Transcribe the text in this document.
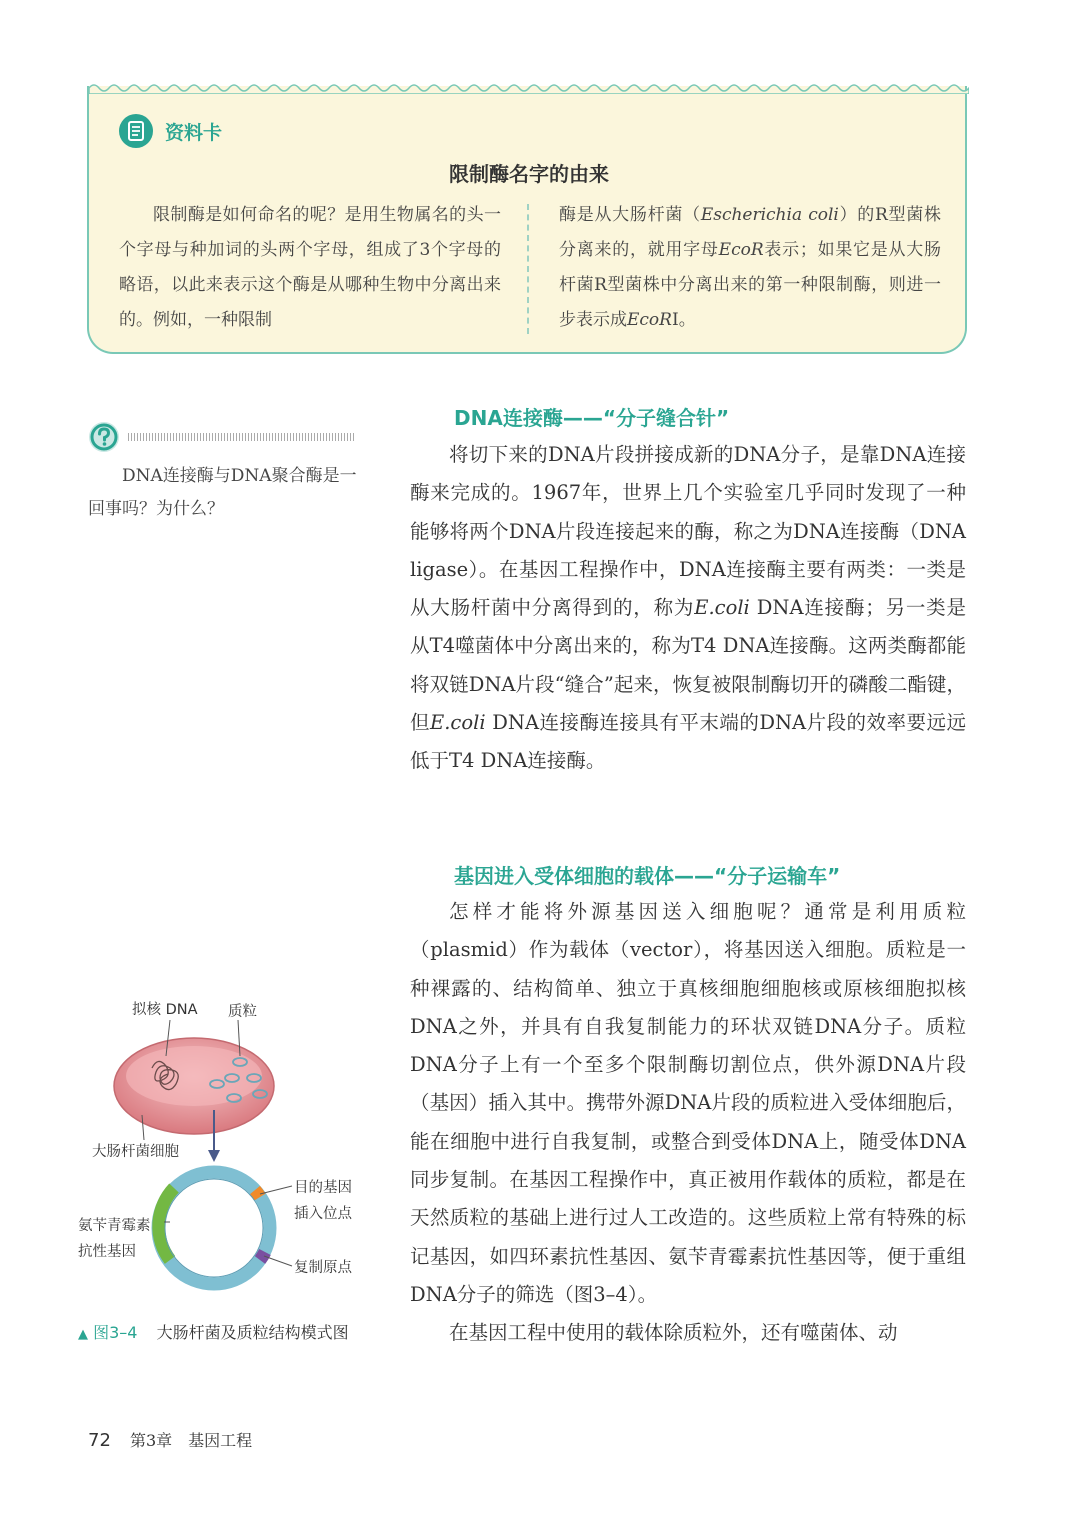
资料卡
限制酶名字的由来

限制酶是如何命名的呢？是用生物属名的头一个字母与种加词的头两个字母，组成了3个字母的略语，以此来表示这个酶是从哪种生物中分离出来的。例如，一种限制

酶是从大肠杆菌（Escherichia coli）的R型菌株分离来的，就用字母EcoR表示；如果它是从大肠杆菌R型菌株中分离出来的第一种限制酶，则进一步表示成EcoRⅠ。

DNA连接酶与DNA聚合酶是一回事吗？为什么？
DNA连接酶——“分子缝合针”

将切下来的DNA片段拼接成新的DNA分子，是靠DNA连接酶来完成的。1967年，世界上几个实验室几乎同时发现了一种能够将两个DNA片段连接起来的酶，称之为DNA连接酶（DNA ligase）。在基因工程操作中，DNA连接酶主要有两类：一类是从大肠杆菌中分离得到的，称为E.coli DNA连接酶；另一类是从T4噬菌体中分离出来的，称为T4 DNA连接酶。这两类酶都能将双链DNA片段“缝合”起来，恢复被限制酶切开的磷酸二酯键，但E.coli DNA连接酶连接具有平末端的DNA片段的效率要远远低于T4 DNA连接酶。

基因进入受体细胞的载体——“分子运输车”

怎样才能将外源基因送入细胞呢？通常是利用质粒（plasmid）作为载体（vector），将基因送入细胞。质粒是一种裸露的、结构简单、独立于真核细胞细胞核或原核细胞拟核DNA之外，并具有自我复制能力的环状双链DNA分子。质粒DNA分子上有一个至多个限制酶切割位点，供外源DNA片段（基因）插入其中。携带外源DNA片段的质粒进入受体细胞后，能在细胞中进行自我复制，或整合到受体DNA上，随受体DNA同步复制。在基因工程操作中，真正被用作载体的质粒，都是在天然质粒的基础上进行过人工改造的。这些质粒上常有特殊的标记基因，如四环素抗性基因、氨苄青霉素抗性基因等，便于重组DNA分子的筛选（图3–4）。

在基因工程中使用的载体除质粒外，还有噬菌体、动

拟核 DNA 质粒
大肠杆菌细胞
目的基因
插入位点
氨苄青霉素
抗性基因
复制原点
▲ 图3–4 大肠杆菌及质粒结构模式图
72 第3章　基因工程
